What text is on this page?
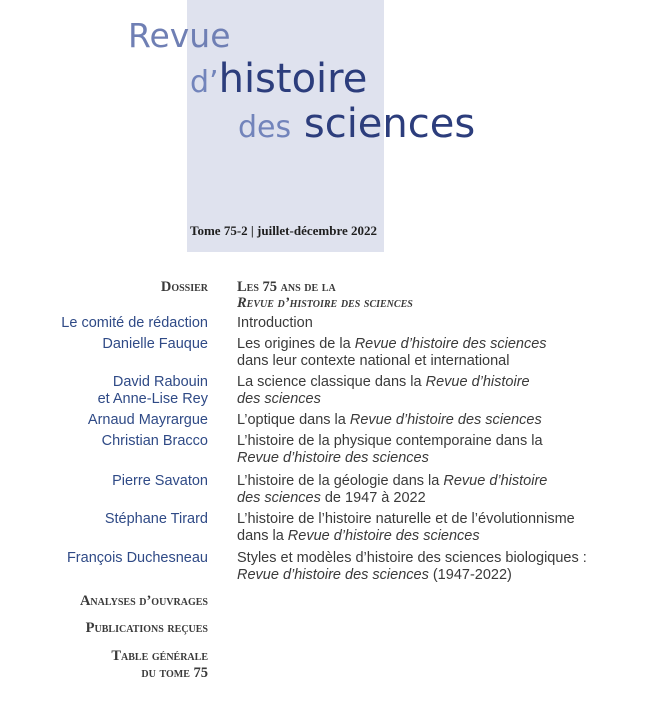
Revue
d’histoire
des sciences
Tome 75-2 | juillet-décembre 2022
Dossier Les 75 ans de la
Revue d’histoire des sciences
Le comité de rédaction Introduction
Danielle Fauque Les origines de la Revue d’histoire des sciences
dans leur contexte national et international
David Rabouin
et Anne-Lise Rey
La science classique dans la Revue d’histoire
des sciences
Arnaud Mayrargue L’optique dans la Revue d’histoire des sciences
Christian Bracco L’histoire de la physique contemporaine dans la
Revue d’histoire des sciences
Pierre Savaton L’histoire de la géologie dans la Revue d’histoire
des sciences de 1947 à 2022
Stéphane Tirard L’histoire de l’histoire naturelle et de l’évolutionnisme
dans la Revue d’histoire des sciences
François Duchesneau Styles et modèles d’histoire des sciences biologiques :
Revue d’histoire des sciences (1947-2022)
Analyses d’ouvrages
Publications reçues
Table générale
du tome 75
